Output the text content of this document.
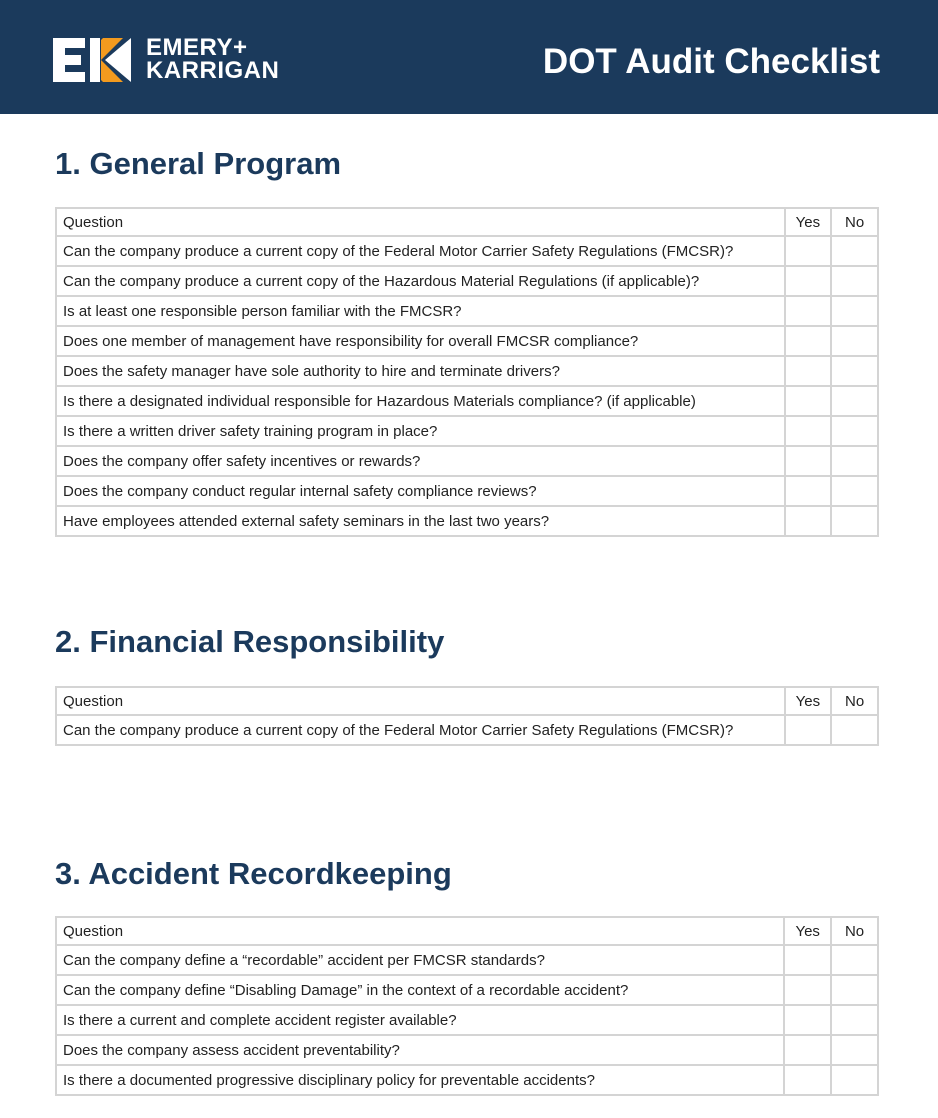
EMERY+
KARRIGAN	DOT Audit Checklist
1. General Program
Question	Yes	No
Can the company produce a current copy of the Federal Motor Carrier Safety Regulations (FMCSR)?		
Can the company produce a current copy of the Hazardous Material Regulations (if applicable)?		
Is at least one responsible person familiar with the FMCSR?		
Does one member of management have responsibility for overall FMCSR compliance?		
Does the safety manager have sole authority to hire and terminate drivers?		
Is there a designated individual responsible for Hazardous Materials compliance? (if applicable)		
Is there a written driver safety training program in place?		
Does the company offer safety incentives or rewards?		
Does the company conduct regular internal safety compliance reviews?		
Have employees attended external safety seminars in the last two years?		
2. Financial Responsibility
Question	Yes	No
Can the company produce a current copy of the Federal Motor Carrier Safety Regulations (FMCSR)?		
3. Accident Recordkeeping
Question	Yes	No
Can the company define a “recordable” accident per FMCSR standards?		
Can the company define “Disabling Damage” in the context of a recordable accident?		
Is there a current and complete accident register available?		
Does the company assess accident preventability?		
Is there a documented progressive disciplinary policy for preventable accidents?		
